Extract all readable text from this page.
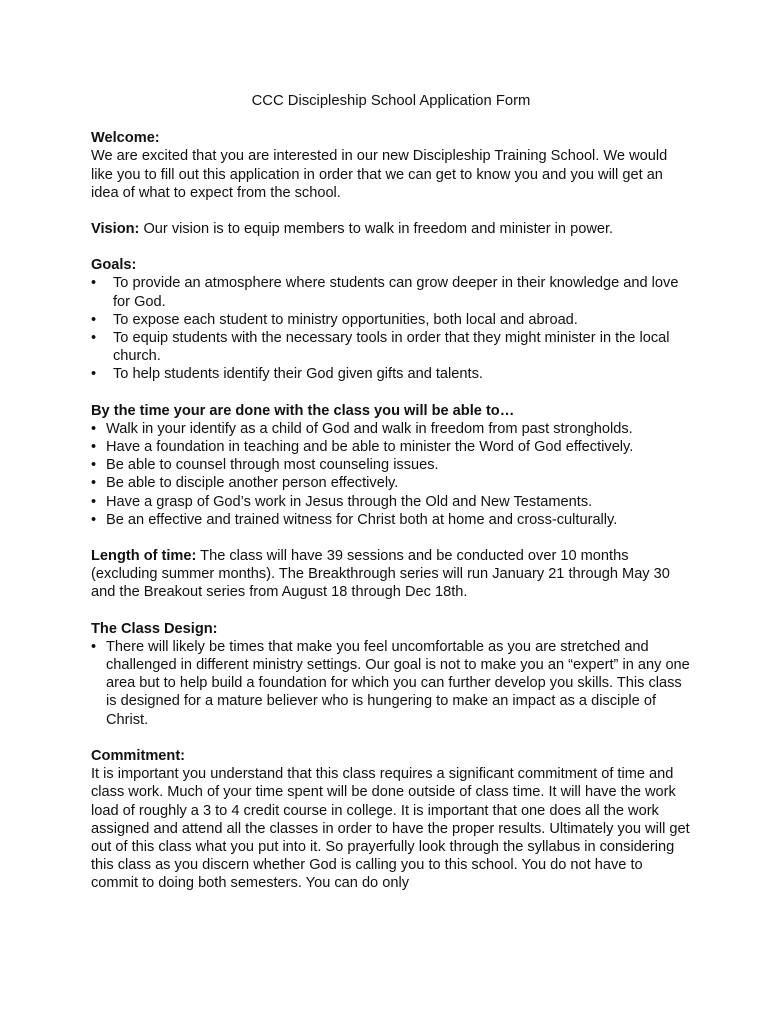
CCC Discipleship School Application Form
Welcome:

We are excited that you are interested in our new Discipleship Training School. We would like you to fill out this application in order that we can get to know you and you will get an idea of what to expect from the school.

Vision: Our vision is to equip members to walk in freedom and minister in power.

Goals:
• To provide an atmosphere where students can grow deeper in their knowledge and love for God.
• To expose each student to ministry opportunities, both local and abroad.
• To equip students with the necessary tools in order that they might minister in the local church.
• To help students identify their God given gifts and talents.
By the time your are done with the class you will be able to…
• Walk in your identify as a child of God and walk in freedom from past strongholds.
• Have a foundation in teaching and be able to minister the Word of God effectively.
• Be able to counsel through most counseling issues.
• Be able to disciple another person effectively.
• Have a grasp of God’s work in Jesus through the Old and New Testaments.
• Be an effective and trained witness for Christ both at home and cross-culturally.

Length of time: The class will have 39 sessions and be conducted over 10 months (excluding summer months). The Breakthrough series will run January 21 through May 30 and the Breakout series from August 18 through Dec 18th.

The Class Design:
• There will likely be times that make you feel uncomfortable as you are stretched and challenged in different ministry settings. Our goal is not to make you an “expert” in any one area but to help build a foundation for which you can further develop you skills. This class is designed for a mature believer who is hungering to make an impact as a disciple of Christ.
Commitment:

It is important you understand that this class requires a significant commitment of time and class work. Much of your time spent will be done outside of class time. It will have the work load of roughly a 3 to 4 credit course in college. It is important that one does all the work assigned and attend all the classes in order to have the proper results. Ultimately you will get out of this class what you put into it. So prayerfully look through the syllabus in considering this class as you discern whether God is calling you to this school. You do not have to commit to doing both semesters. You can do only
